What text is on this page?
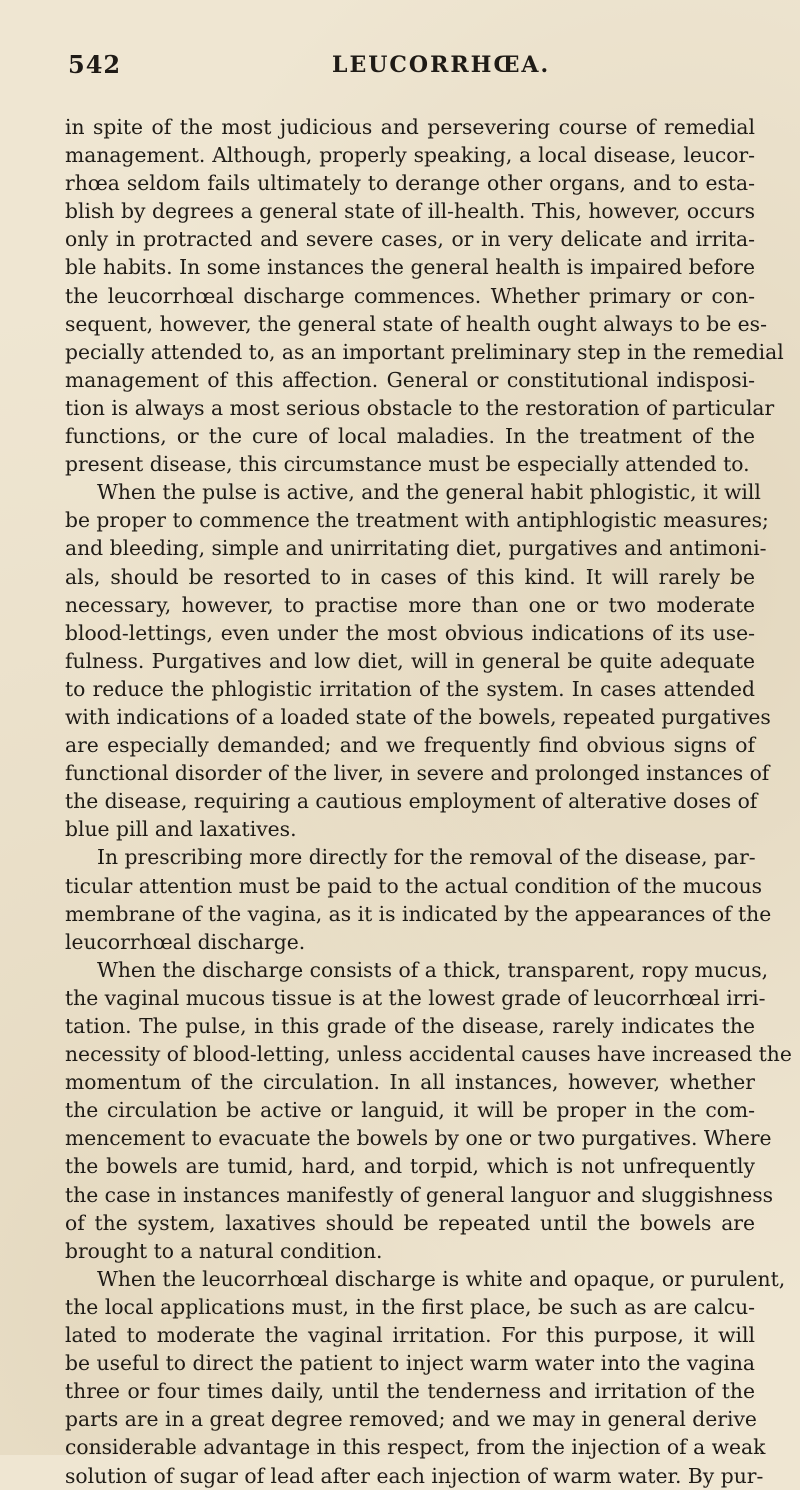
542	LEUCORRHŒA.
in spite of the most judicious and persevering course of remedial
management. Although, properly speaking, a local disease, leucor-
rhœa seldom fails ultimately to derange other organs, and to esta-
blish by degrees a general state of ill-health. This, however, occurs
only in protracted and severe cases, or in very delicate and irrita-
ble habits. In some instances the general health is impaired before
the leucorrhœal discharge commences. Whether primary or con-
sequent, however, the general state of health ought always to be es-
pecially attended to, as an important preliminary step in the remedial
management of this affection. General or constitutional indisposi-
tion is always a most serious obstacle to the restoration of particular
functions, or the cure of local maladies. In the treatment of the
present disease, this circumstance must be especially attended to.
When the pulse is active, and the general habit phlogistic, it will
be proper to commence the treatment with antiphlogistic measures;
and bleeding, simple and unirritating diet, purgatives and antimoni-
als, should be resorted to in cases of this kind. It will rarely be
necessary, however, to practise more than one or two moderate
blood-lettings, even under the most obvious indications of its use-
fulness. Purgatives and low diet, will in general be quite adequate
to reduce the phlogistic irritation of the system. In cases attended
with indications of a loaded state of the bowels, repeated purgatives
are especially demanded; and we frequently find obvious signs of
functional disorder of the liver, in severe and prolonged instances of
the disease, requiring a cautious employment of alterative doses of
blue pill and laxatives.
In prescribing more directly for the removal of the disease, par-
ticular attention must be paid to the actual condition of the mucous
membrane of the vagina, as it is indicated by the appearances of the
leucorrhœal discharge.
When the discharge consists of a thick, transparent, ropy mucus,
the vaginal mucous tissue is at the lowest grade of leucorrhœal irri-
tation. The pulse, in this grade of the disease, rarely indicates the
necessity of blood-letting, unless accidental causes have increased the
momentum of the circulation. In all instances, however, whether
the circulation be active or languid, it will be proper in the com-
mencement to evacuate the bowels by one or two purgatives. Where
the bowels are tumid, hard, and torpid, which is not unfrequently
the case in instances manifestly of general languor and sluggishness
of the system, laxatives should be repeated until the bowels are
brought to a natural condition.
When the leucorrhœal discharge is white and opaque, or purulent,
the local applications must, in the first place, be such as are calcu-
lated to moderate the vaginal irritation. For this purpose, it will
be useful to direct the patient to inject warm water into the vagina
three or four times daily, until the tenderness and irritation of the
parts are in a great degree removed; and we may in general derive
considerable advantage in this respect, from the injection of a weak
solution of sugar of lead after each injection of warm water. By pur-
